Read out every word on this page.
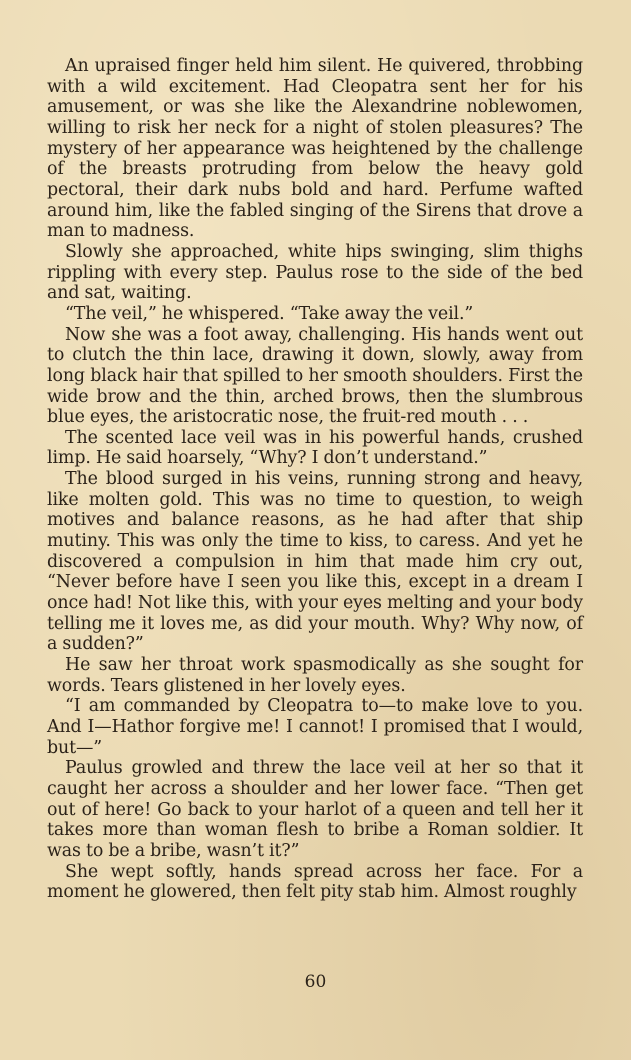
An upraised finger held him silent. He quivered, throbbing with a wild excitement. Had Cleopatra sent her for his amusement, or was she like the Alexandrine noblewomen, willing to risk her neck for a night of stolen pleasures? The mystery of her appearance was heightened by the challenge of the breasts protruding from below the heavy gold pectoral, their dark nubs bold and hard. Perfume wafted around him, like the fabled singing of the Sirens that drove a man to madness.

Slowly she approached, white hips swinging, slim thighs rippling with every step. Paulus rose to the side of the bed and sat, waiting.

“The veil,” he whispered. “Take away the veil.”

Now she was a foot away, challenging. His hands went out to clutch the thin lace, drawing it down, slowly, away from long black hair that spilled to her smooth shoulders. First the wide brow and the thin, arched brows, then the slumbrous blue eyes, the aristocratic nose, the fruit-red mouth . . .

The scented lace veil was in his powerful hands, crushed limp. He said hoarsely, “Why? I don’t understand.”

The blood surged in his veins, running strong and heavy, like molten gold. This was no time to question, to weigh motives and balance reasons, as he had after that ship mutiny. This was only the time to kiss, to caress. And yet he discovered a compulsion in him that made him cry out, “Never before have I seen you like this, except in a dream I once had! Not like this, with your eyes melting and your body telling me it loves me, as did your mouth. Why? Why now, of a sudden?”

He saw her throat work spasmodically as she sought for words. Tears glistened in her lovely eyes.

“I am commanded by Cleopatra to—to make love to you. And I—Hathor forgive me! I cannot! I promised that I would, but—”

Paulus growled and threw the lace veil at her so that it caught her across a shoulder and her lower face. “Then get out of here! Go back to your harlot of a queen and tell her it takes more than woman flesh to bribe a Roman soldier. It was to be a bribe, wasn’t it?”

She wept softly, hands spread across her face. For a moment he glowered, then felt pity stab him. Almost roughly

60
